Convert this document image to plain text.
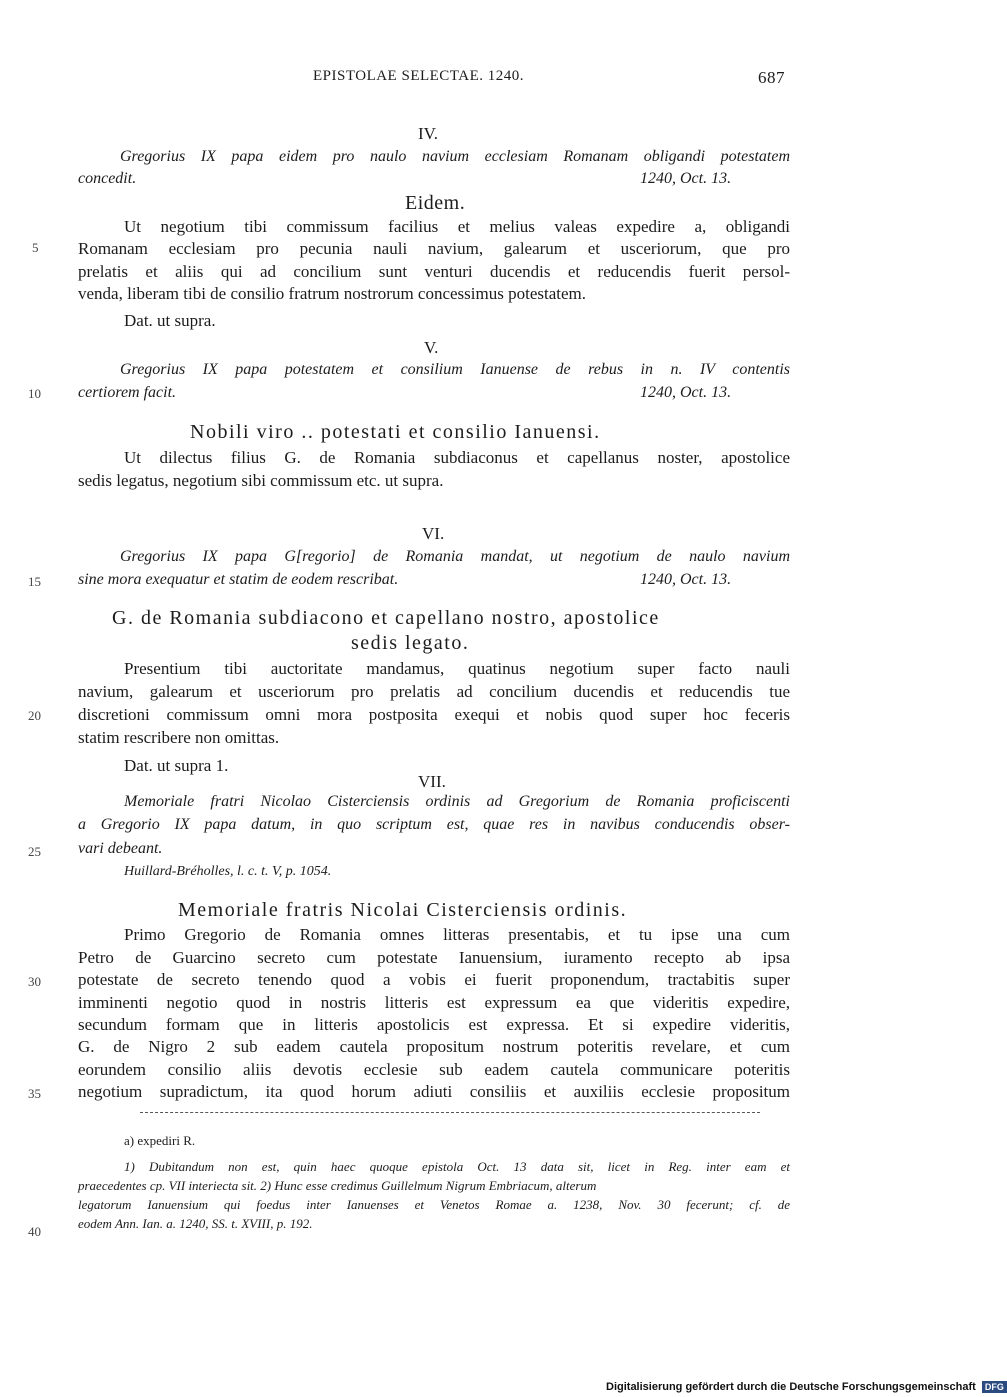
EPISTOLAE SELECTAE. 1240.	687
5
10
15
20
25
30
35
40
IV.
Gregorius IX papa eidem pro naulo navium ecclesiam Romanam obligandi potestatem
concedit.	1240, Oct. 13.
Eidem.
Ut negotium tibi commissum facilius et melius valeas expedire a, obligandi
Romanam ecclesiam pro pecunia nauli navium, galearum et usceriorum, que pro
prelatis et aliis qui ad concilium sunt venturi ducendis et reducendis fuerit persol-
venda, liberam tibi de consilio fratrum nostrorum concessimus potestatem.
Dat. ut supra.
V.
Gregorius IX papa potestatem et consilium Ianuense de rebus in n. IV contentis
certiorem facit.	1240, Oct. 13.
Nobili viro .. potestati et consilio Ianuensi.
Ut dilectus filius G. de Romania subdiaconus et capellanus noster, apostolice
sedis legatus, negotium sibi commissum etc. ut supra.
VI.
Gregorius IX papa G[regorio] de Romania mandat, ut negotium de naulo navium
sine mora exequatur et statim de eodem rescribat.	1240, Oct. 13.
G. de Romania subdiacono et capellano nostro, apostolice
sedis legato.
Presentium tibi auctoritate mandamus, quatinus negotium super facto nauli
navium, galearum et usceriorum pro prelatis ad concilium ducendis et reducendis tue
discretioni commissum omni mora postposita exequi et nobis quod super hoc feceris
statim rescribere non omittas.
Dat. ut supra 1.
VII.
Memoriale fratri Nicolao Cisterciensis ordinis ad Gregorium de Romania proficiscenti
a Gregorio IX papa datum, in quo scriptum est, quae res in navibus conducendis obser-
vari debeant.
Huillard-Bréholles, l. c. t. V, p. 1054.
Memoriale fratris Nicolai Cisterciensis ordinis.
Primo Gregorio de Romania omnes litteras presentabis, et tu ipse una cum
Petro de Guarcino secreto cum potestate Ianuensium, iuramento recepto ab ipsa
potestate de secreto tenendo quod a vobis ei fuerit proponendum, tractabitis super
imminenti negotio quod in nostris litteris est expressum ea que videritis expedire,
secundum formam que in litteris apostolicis est expressa. Et si expedire videritis,
G. de Nigro 2 sub eadem cautela propositum nostrum poteritis revelare, et cum
eorundem consilio aliis devotis ecclesie sub eadem cautela communicare poteritis
negotium supradictum, ita quod horum adiuti consiliis et auxiliis ecclesie propositum
a) expediri R.
1) Dubitandum non est, quin haec quoque epistola Oct. 13 data sit, licet in Reg. inter eam et
praecedentes cp. VII interiecta sit. 2) Hunc esse credimus Guillelmum Nigrum Embriacum, alterum
legatorum Ianuensium qui foedus inter Ianuenses et Venetos Romae a. 1238, Nov. 30 fecerunt; cf. de
eodem Ann. Ian. a. 1240, SS. t. XVIII, p. 192.
Digitalisierung gefördert durch die Deutsche Forschungsgemeinschaft DFG
